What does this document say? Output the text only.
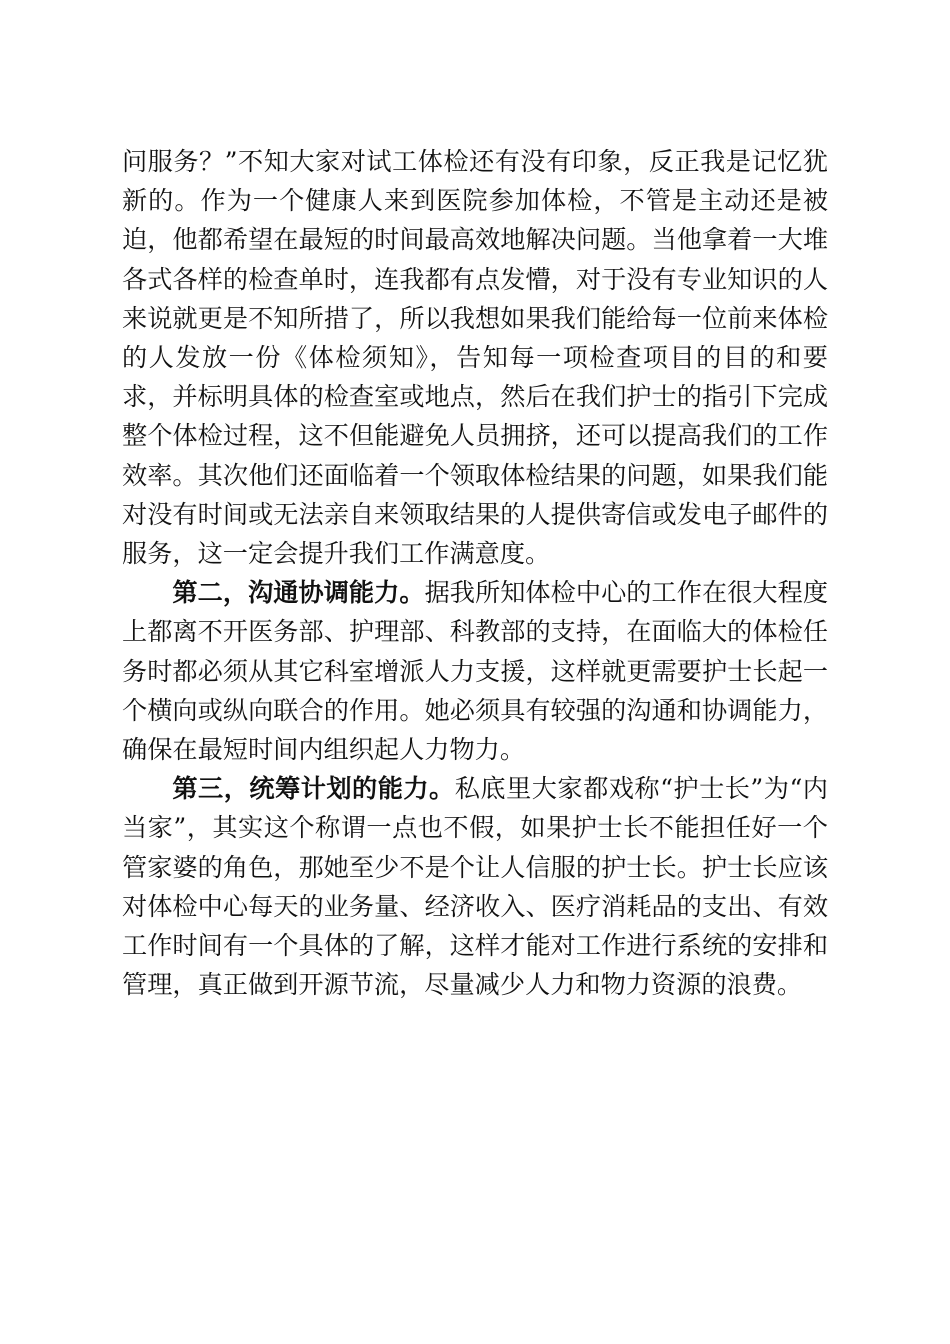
问服务？”不知大家对试工体检还有没有印象，反正我是记忆犹新的。作为一个健康人来到医院参加体检，不管是主动还是被迫，他都希望在最短的时间最高效地解决问题。当他拿着一大堆各式各样的检查单时，连我都有点发懵，对于没有专业知识的人来说就更是不知所措了，所以我想如果我们能给每一位前来体检的人发放一份《体检须知》，告知每一项检查项目的目的和要求，并标明具体的检查室或地点，然后在我们护士的指引下完成整个体检过程，这不但能避免人员拥挤，还可以提高我们的工作效率。其次他们还面临着一个领取体检结果的问题，如果我们能对没有时间或无法亲自来领取结果的人提供寄信或发电子邮件的服务，这一定会提升我们工作满意度。

第二，沟通协调能力。据我所知体检中心的工作在很大程度上都离不开医务部、护理部、科教部的支持，在面临大的体检任务时都必须从其它科室增派人力支援，这样就更需要护士长起一个横向或纵向联合的作用。她必须具有较强的沟通和协调能力，确保在最短时间内组织起人力物力。

第三，统筹计划的能力。私底里大家都戏称“护士长”为“内当家”，其实这个称谓一点也不假，如果护士长不能担任好一个管家婆的角色，那她至少不是个让人信服的护士长。护士长应该对体检中心每天的业务量、经济收入、医疗消耗品的支出、有效工作时间有一个具体的了解，这样才能对工作进行系统的安排和管理，真正做到开源节流，尽量减少人力和物力资源的浪费。
